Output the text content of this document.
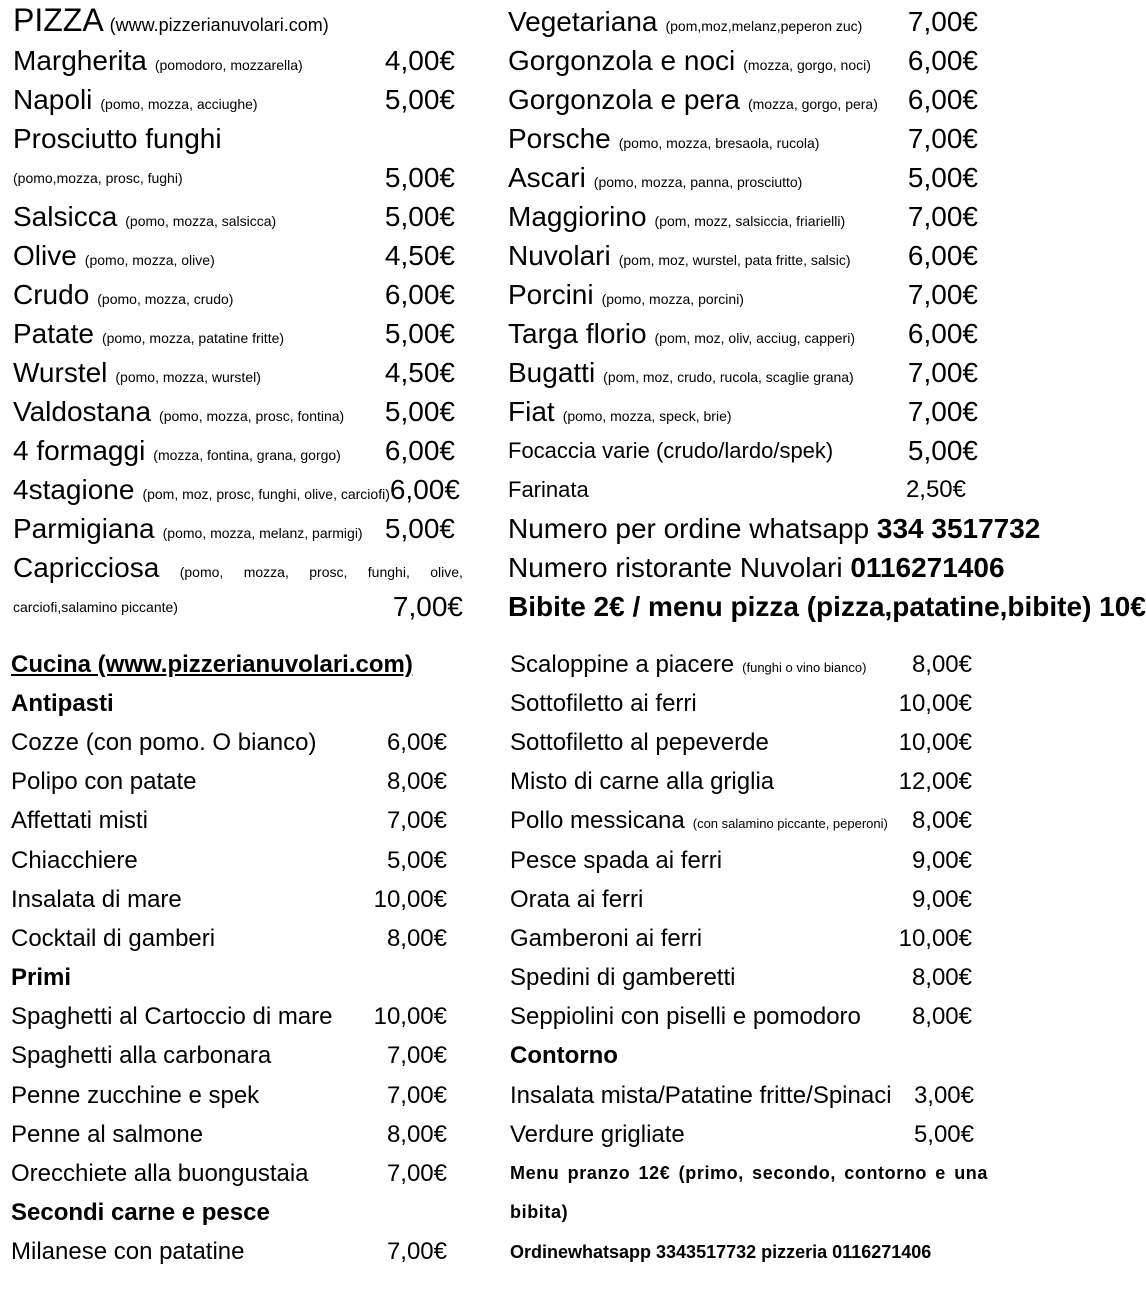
PIZZA (www.pizzerianuvolari.com)
Margherita (pomodoro, mozzarella)	4,00€
Napoli (pomo, mozza, acciughe)	5,00€
Prosciutto funghi
(pomo,mozza, prosc, fughi)	5,00€
Salsicca (pomo, mozza, salsicca)	5,00€
Olive (pomo, mozza, olive)	4,50€
Crudo (pomo, mozza, crudo)	6,00€
Patate (pomo, mozza, patatine fritte)	5,00€
Wurstel (pomo, mozza, wurstel)	4,50€
Valdostana (pomo, mozza, prosc, fontina) 5,00€
4 formaggi (mozza, fontina, grana, gorgo) 6,00€
4stagione (pom, moz, prosc, funghi, olive, carciofi) 6,00€
Parmigiana (pomo, mozza, melanz, parmigi) 5,00€
Capricciosa (pomo, mozza, prosc, funghi, olive,
carciofi,salamino piccante)	7,00€
Vegetariana (pom,moz,melanz,peperon zuc) 7,00€
Gorgonzola e noci (mozza, gorgo, noci) 6,00€
Gorgonzola e pera (mozza, gorgo, pera) 6,00€
Porsche (pomo, mozza, bresaola, rucola)	7,00€
Ascari (pomo, mozza, panna, prosciutto)	5,00€
Maggiorino (pom, mozz, salsiccia, friarielli) 7,00€
Nuvolari (pom, moz, wurstel, pata fritte, salsic) 6,00€
Porcini (pomo, mozza, porcini)	7,00€
Targa florio (pom, moz, oliv, acciug, capperi) 6,00€
Bugatti (pom, moz, crudo, rucola, scaglie grana) 7,00€
Fiat (pomo, mozza, speck, brie)	7,00€
Focaccia varie (crudo/lardo/spek)	5,00€
Farinata	2,50€
Numero per ordine whatsapp 334 3517732
Numero ristorante Nuvolari 0116271406
Bibite 2€ / menu pizza (pizza,patatine,bibite) 10€
Cucina (www.pizzerianuvolari.com)
Antipasti
Cozze (con pomo. O bianco)	6,00€
Polipo con patate	8,00€
Affettati misti	7,00€
Chiacchiere	5,00€
Insalata di mare	10,00€
Cocktail di gamberi	8,00€
Primi
Spaghetti al Cartoccio di mare 10,00€
Spaghetti alla carbonara	7,00€
Penne zucchine e spek	7,00€
Penne al salmone	8,00€
Orecchiete alla buongustaia	7,00€
Secondi carne e pesce
Milanese con patatine	7,00€
Scaloppine a piacere (funghi o vino bianco) 8,00€
Sottofiletto ai ferri	10,00€
Sottofiletto al pepeverde	10,00€
Misto di carne alla griglia	12,00€
Pollo messicana (con salamino piccante, peperoni) 8,00€
Pesce spada ai ferri	9,00€
Orata ai ferri	9,00€
Gamberoni ai ferri	10,00€
Spedini di gamberetti	8,00€
Seppiolini con piselli e pomodoro 8,00€
Contorno
Insalata mista/Patatine fritte/Spinaci 3,00€
Verdure grigliate	5,00€
Menu pranzo 12€ (primo, secondo, contorno e una bibita)
Ordinewhatsapp 3343517732 pizzeria 0116271406
